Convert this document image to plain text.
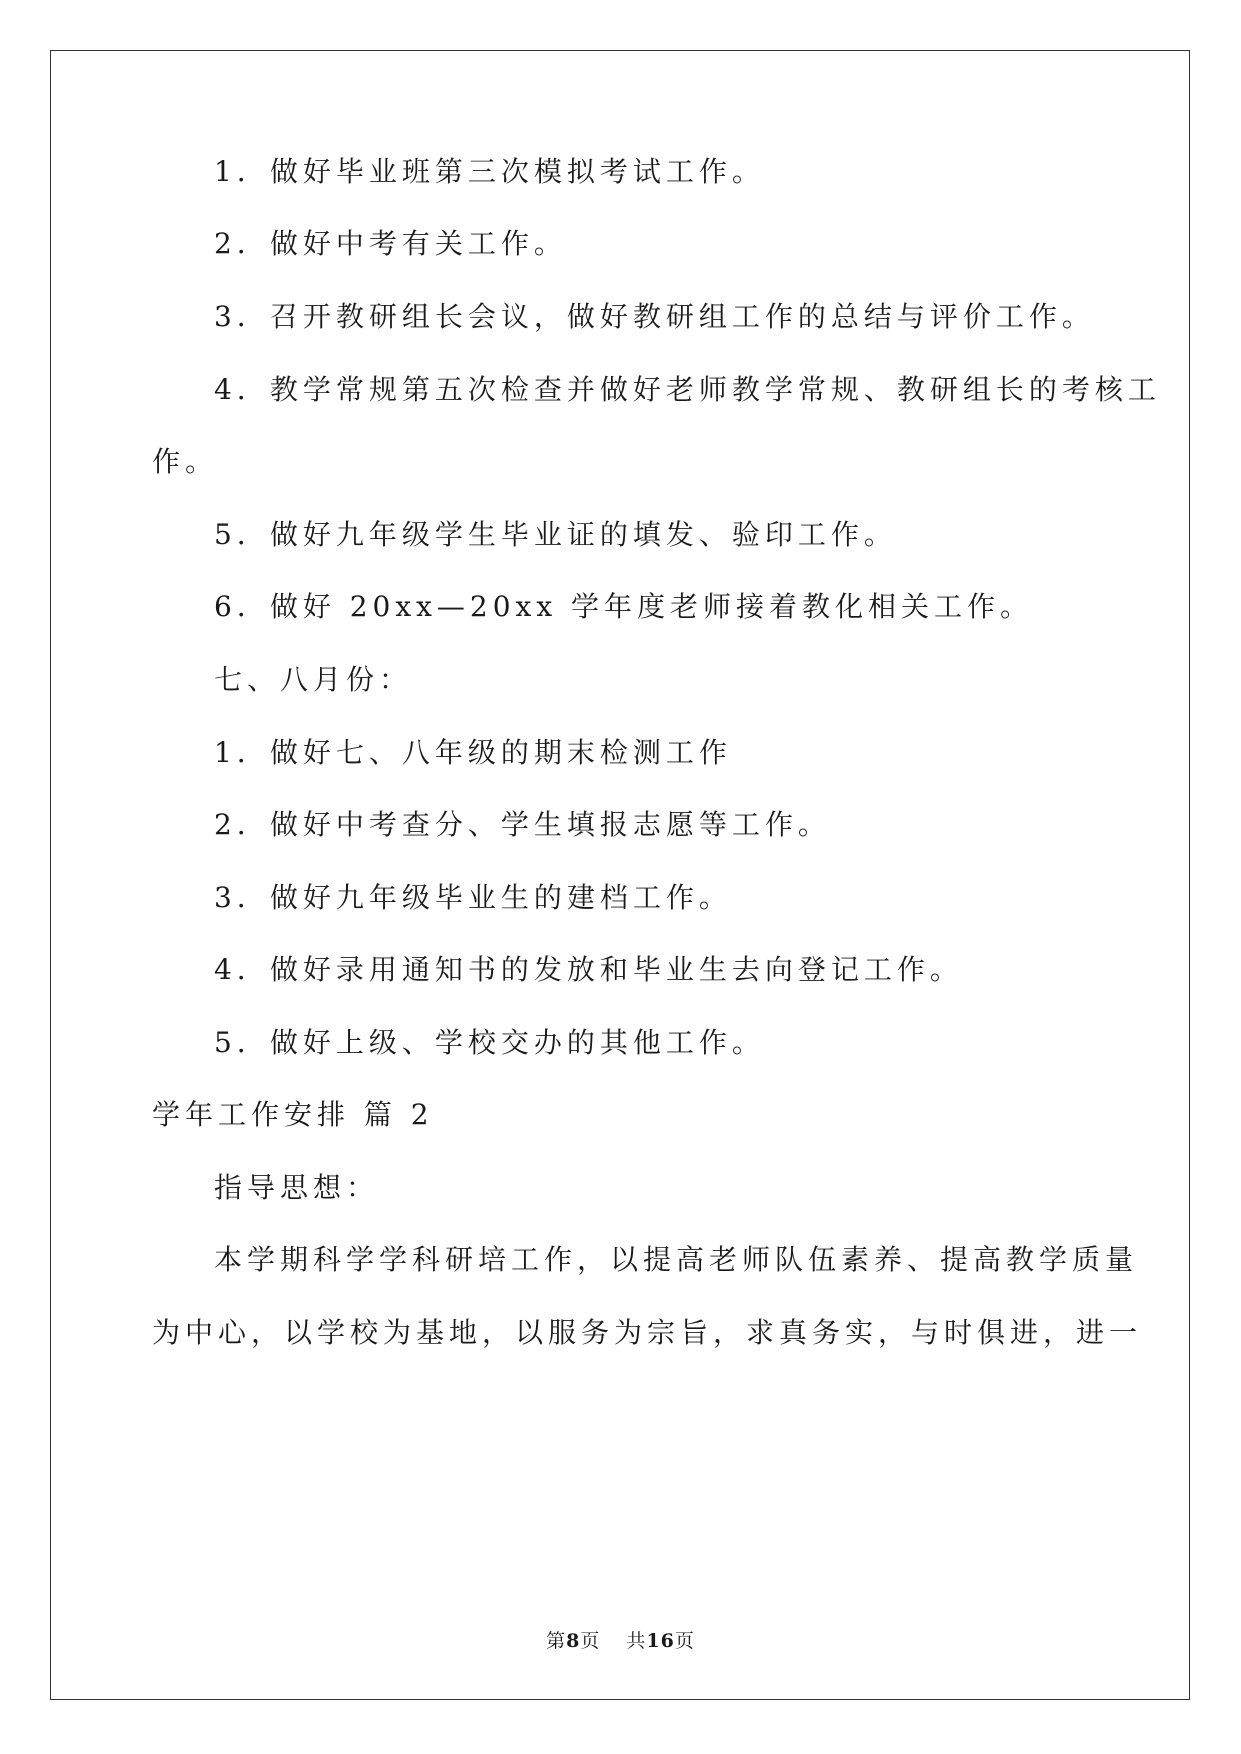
1．做好毕业班第三次模拟考试工作。
2．做好中考有关工作。
3．召开教研组长会议，做好教研组工作的总结与评价工作。
4．教学常规第五次检查并做好老师教学常规、教研组长的考核工
作。
5．做好九年级学生毕业证的填发、验印工作。
6．做好 20xx—20xx 学年度老师接着教化相关工作。
七、八月份：
1．做好七、八年级的期末检测工作
2．做好中考查分、学生填报志愿等工作。
3．做好九年级毕业生的建档工作。
4．做好录用通知书的发放和毕业生去向登记工作。
5．做好上级、学校交办的其他工作。
学年工作安排 篇 2
指导思想：
本学期科学学科研培工作，以提高老师队伍素养、提高教学质量
为中心，以学校为基地，以服务为宗旨，求真务实，与时俱进，进一
第8页 共16页
